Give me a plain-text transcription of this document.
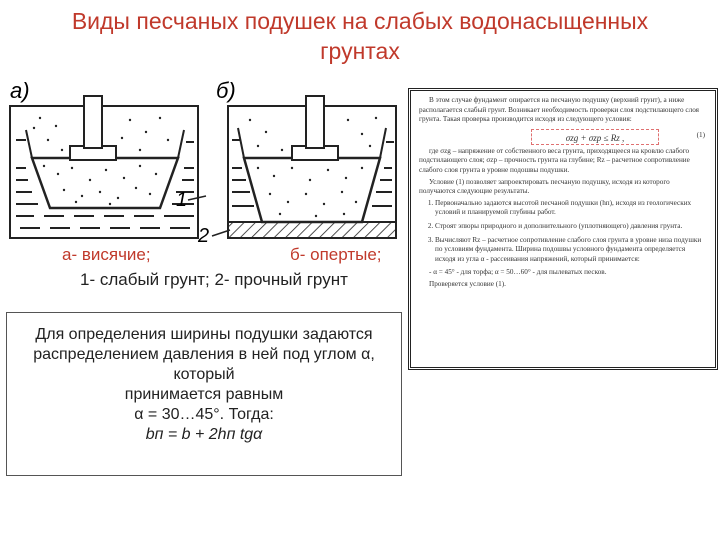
Виды песчаных подушек на слабых водонасыщенных грунтах
а)	б)
1
2
а- висячие;	б- опертые;
1- слабый грунт; 2- прочный грунт
Для определения ширины подушки задаются
распределением давления в ней под углом α,
который
принимается равным
α = 30…45°. Тогда:
bп = b + 2hп tgα

В этом случае фундамент опирается на песчаную подушку (верхний грунт), а ниже располагается слабый грунт. Возникает необходимость проверки слоя подстилающего слоя грунта. Такая проверка производится исходя из следующего условия:

σzg + σzp ≤ Rz ,	(1)

где σzg – напряжение от собственного веса грунта, приходящееся на кровлю слабого подстилающего слоя; σzp – прочность грунта на глубине; Rz – расчетное сопротивление слабого слоя грунта в уровне подошвы подушки.

Условие (1) позволяет запроектировать песчаную подушку, исходя из которого получаются следующие результаты.

1. Первоначально задаются высотой песчаной подушки (hп), исходя из геологических условий и планируемой глубины работ.
2. Строят эпюры природного и дополнительного (уплотняющего) давления грунта.
3. Вычисляют Rz – расчетное сопротивление слабого слоя грунта в уровне низа подушки по условиям фундамента. Ширина подошвы условного фундамента определяется исходя из угла α - рассеивания напряжений, который принимается:

- α = 45° - для торфа; α = 50…60° - для пылеватых песков.

Проверяется условие (1).
